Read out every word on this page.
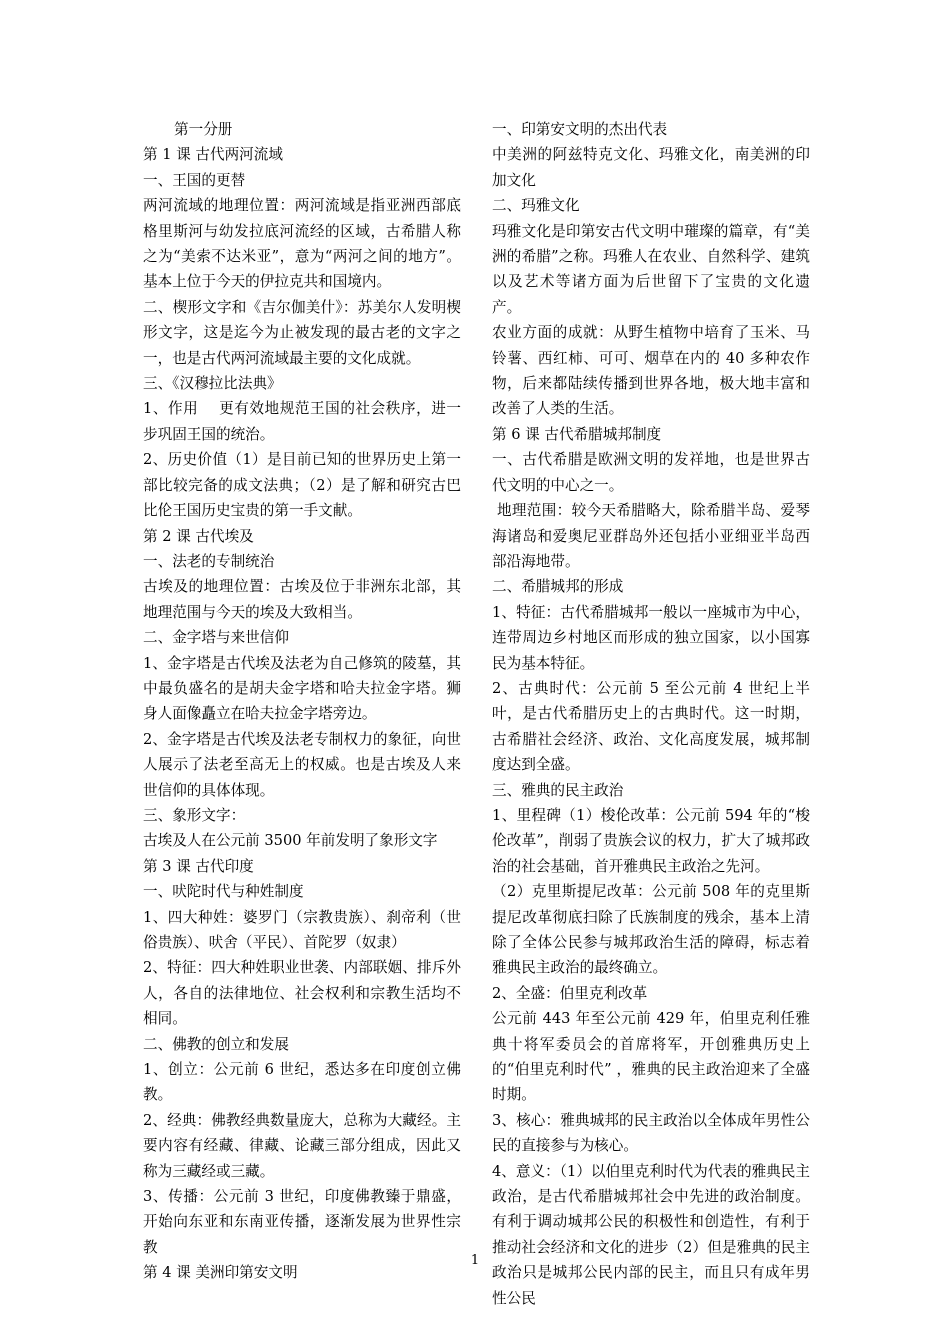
第一分册

第 1 课 古代两河流域

一、王国的更替

两河流域的地理位置：两河流域是指亚洲西部底格里斯河与幼发拉底河流经的区域，古希腊人称之为“美索不达米亚”，意为“两河之间的地方”。基本上位于今天的伊拉克共和国境内。

二、楔形文字和《吉尔伽美什》：苏美尔人发明楔形文字，这是迄今为止被发现的最古老的文字之一，也是古代两河流域最主要的文化成就。

三、《汉穆拉比法典》

1、作用    更有效地规范王国的社会秩序，进一步巩固王国的统治。

2、历史价值（1）是目前已知的世界历史上第一部比较完备的成文法典；（2）是了解和研究古巴比伦王国历史宝贵的第一手文献。

第 2 课 古代埃及

一、法老的专制统治

古埃及的地理位置：古埃及位于非洲东北部，其地理范围与今天的埃及大致相当。

二、金字塔与来世信仰

1、金字塔是古代埃及法老为自己修筑的陵墓，其中最负盛名的是胡夫金字塔和哈夫拉金字塔。狮身人面像矗立在哈夫拉金字塔旁边。

2、金字塔是古代埃及法老专制权力的象征，向世人展示了法老至高无上的权威。也是古埃及人来世信仰的具体体现。

三、象形文字：

古埃及人在公元前 3500 年前发明了象形文字

第 3 课 古代印度

一、吠陀时代与种姓制度

1、四大种姓：婆罗门（宗教贵族）、刹帝利（世俗贵族）、吠舍（平民）、首陀罗（奴隶）

2、特征：四大种姓职业世袭、内部联姻、排斥外人，各自的法律地位、社会权利和宗教生活均不相同。

二、佛教的创立和发展

1、创立：公元前 6 世纪，悉达多在印度创立佛教。

2、经典：佛教经典数量庞大，总称为大藏经。主要内容有经藏、律藏、论藏三部分组成，因此又称为三藏经或三藏。

3、传播：公元前 3 世纪，印度佛教臻于鼎盛，开始向东亚和东南亚传播，逐渐发展为世界性宗教

第 4 课 美洲印第安文明

一、印第安文明的杰出代表

中美洲的阿兹特克文化、玛雅文化，南美洲的印加文化

二、玛雅文化

玛雅文化是印第安古代文明中璀璨的篇章，有“美洲的希腊”之称。玛雅人在农业、自然科学、建筑以及艺术等诸方面为后世留下了宝贵的文化遗产。

农业方面的成就：从野生植物中培育了玉米、马铃薯、西红柿、可可、烟草在内的 40 多种农作物，后来都陆续传播到世界各地，极大地丰富和改善了人类的生活。

第 6 课 古代希腊城邦制度

一、古代希腊是欧洲文明的发祥地，也是世界古代文明的中心之一。

地理范围：较今天希腊略大，除希腊半岛、爱琴海诸岛和爱奥尼亚群岛外还包括小亚细亚半岛西部沿海地带。

二、希腊城邦的形成

1、特征：古代希腊城邦一般以一座城市为中心，连带周边乡村地区而形成的独立国家，以小国寡民为基本特征。

2、古典时代：公元前 5 至公元前 4 世纪上半叶，是古代希腊历史上的古典时代。这一时期，古希腊社会经济、政治、文化高度发展，城邦制度达到全盛。

三、雅典的民主政治

1、里程碑（1）梭伦改革：公元前 594 年的“梭伦改革”，削弱了贵族会议的权力，扩大了城邦政治的社会基础，首开雅典民主政治之先河。

（2）克里斯提尼改革：公元前 508 年的克里斯提尼改革彻底扫除了氏族制度的残余，基本上清除了全体公民参与城邦政治生活的障碍，标志着雅典民主政治的最终确立。

2、全盛：伯里克利改革

公元前 443 年至公元前 429 年，伯里克利任雅典十将军委员会的首席将军，开创雅典历史上的“伯里克利时代” ，雅典的民主政治迎来了全盛时期。

3、核心：雅典城邦的民主政治以全体成年男性公民的直接参与为核心。

4、意义：（1）以伯里克利时代为代表的雅典民主政治，是古代希腊城邦社会中先进的政治制度。有利于调动城邦公民的积极性和创造性，有利于推动社会经济和文化的进步（2）但是雅典的民主政治只是城邦公民内部的民主，而且只有成年男性公民

1
